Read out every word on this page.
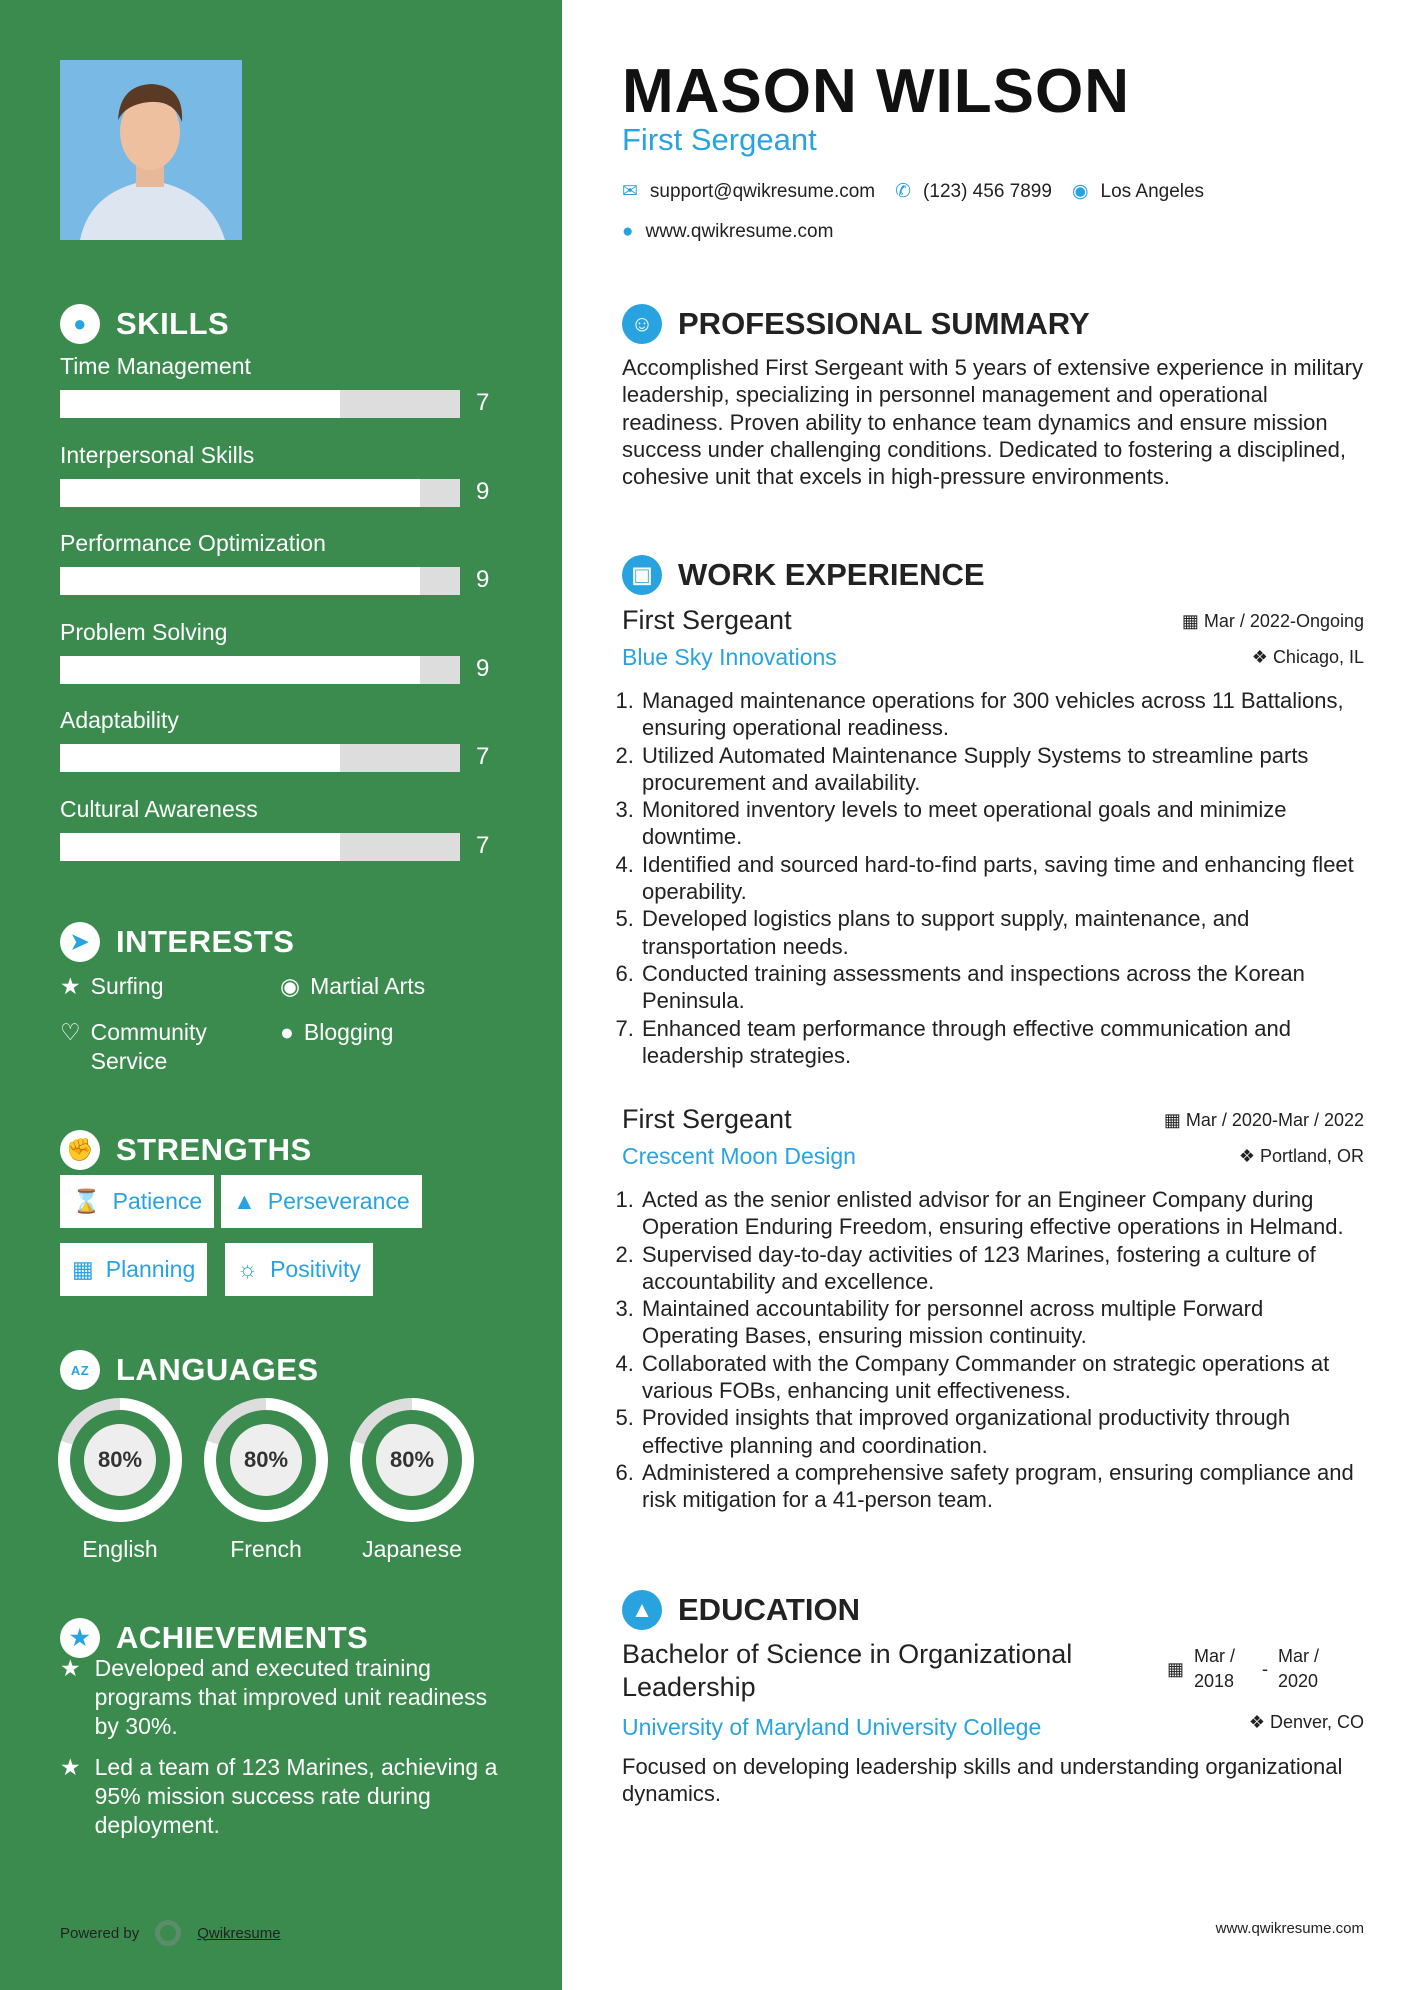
● SKILLS
Time Management
7
Interpersonal Skills
9
Performance Optimization
9
Problem Solving
9
Adaptability
7
Cultural Awareness
7
➤ INTERESTS
★ Surfing	◉ Martial Arts
♡ Community Service
● Blogging
✊ STRENGTHS
⌛ Patience ▲ Perseverance
▦ Planning ☼ Positivity
AZ LANGUAGES
80%
English
80%
French
80%
Japanese
★ ACHIEVEMENTS
★ Developed and executed training programs that improved unit readiness by 30%.
★ Led a team of 123 Marines, achieving a 95% mission success rate during deployment.
Powered by	Qwikresume
MASON WILSON
First Sergeant
✉ support@qwikresume.com ✆ (123) 456 7899 ◉ Los Angeles
● www.qwikresume.com
☺ PROFESSIONAL SUMMARY
Accomplished First Sergeant with 5 years of extensive experience in military leadership, specializing in personnel management and operational readiness. Proven ability to enhance team dynamics and ensure mission success under challenging conditions. Dedicated to fostering a disciplined, cohesive unit that excels in high-pressure environments.
▣ WORK EXPERIENCE
First Sergeant
Blue Sky Innovations
▦ Mar / 2022-Ongoing
❖ Chicago, IL
1. Managed maintenance operations for 300 vehicles across 11 Battalions, ensuring operational readiness.
2. Utilized Automated Maintenance Supply Systems to streamline parts procurement and availability.
3. Monitored inventory levels to meet operational goals and minimize downtime.
4. Identified and sourced hard-to-find parts, saving time and enhancing fleet operability.
5. Developed logistics plans to support supply, maintenance, and transportation needs.
6. Conducted training assessments and inspections across the Korean Peninsula.
7. Enhanced team performance through effective communication and leadership strategies.
First Sergeant
Crescent Moon Design
▦ Mar / 2020-Mar / 2022
❖ Portland, OR
1. Acted as the senior enlisted advisor for an Engineer Company during Operation Enduring Freedom, ensuring effective operations in Helmand.
2. Supervised day-to-day activities of 123 Marines, fostering a culture of accountability and excellence.
3. Maintained accountability for personnel across multiple Forward Operating Bases, ensuring mission continuity.
4. Collaborated with the Company Commander on strategic operations at various FOBs, enhancing unit effectiveness.
5. Provided insights that improved organizational productivity through effective planning and coordination.
6. Administered a comprehensive safety program, ensuring compliance and risk mitigation for a 41-person team.
▲ EDUCATION
Bachelor of Science in Organizational Leadership
University of Maryland University College
▦
Mar / 2018
-
Mar / 2020
❖ Denver, CO
Focused on developing leadership skills and understanding organizational dynamics.
www.qwikresume.com
